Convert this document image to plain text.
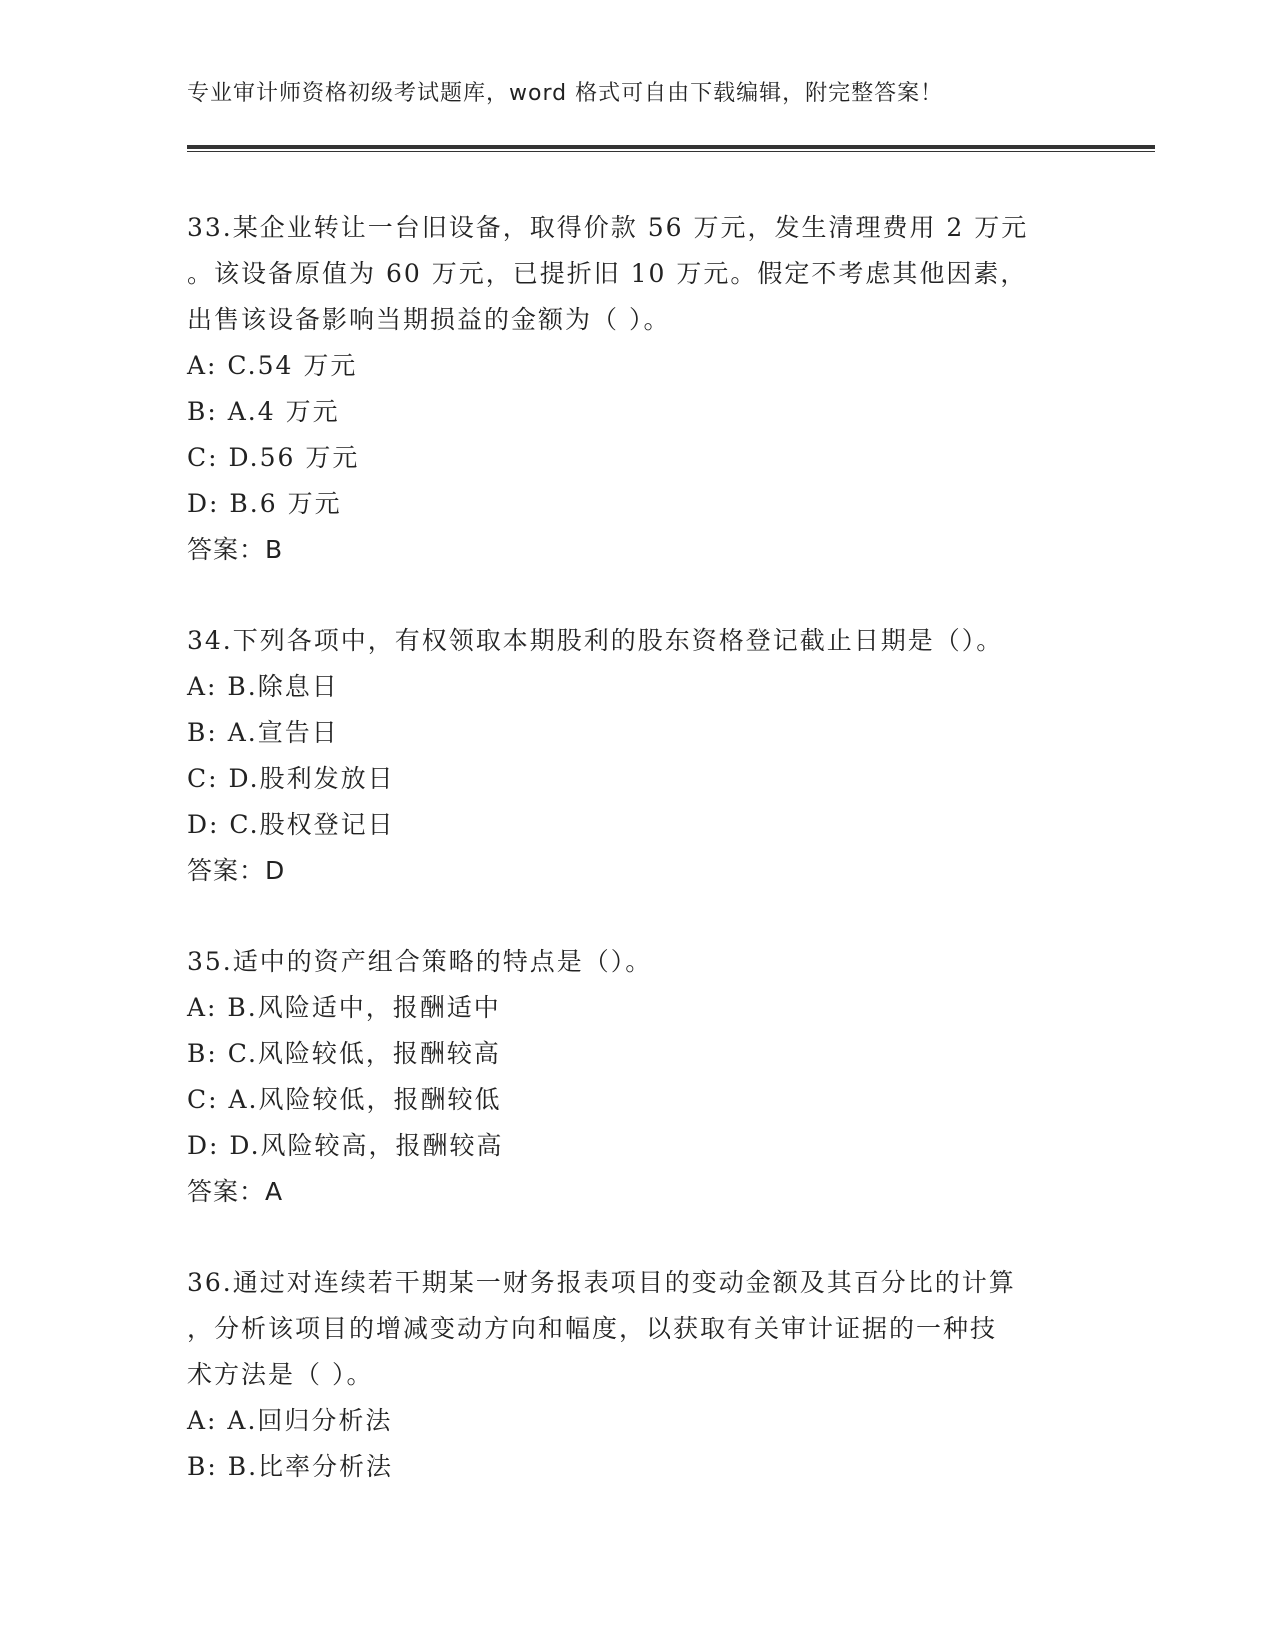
专业审计师资格初级考试题库，word 格式可自由下载编辑，附完整答案！
33.某企业转让一台旧设备，取得价款 56 万元，发生清理费用 2 万元
。该设备原值为 60 万元，已提折旧 10 万元。假定不考虑其他因素，
出售该设备影响当期损益的金额为（ ）。
A: C.54 万元
B: A.4 万元
C: D.56 万元
D: B.6 万元
答案：B
34.下列各项中，有权领取本期股利的股东资格登记截止日期是（）。
A: B.除息日
B: A.宣告日
C: D.股利发放日
D: C.股权登记日
答案：D
35.适中的资产组合策略的特点是（）。
A: B.风险适中，报酬适中
B: C.风险较低，报酬较高
C: A.风险较低，报酬较低
D: D.风险较高，报酬较高
答案：A
36.通过对连续若干期某一财务报表项目的变动金额及其百分比的计算
，分析该项目的增减变动方向和幅度，以获取有关审计证据的一种技
术方法是（ ）。
A: A.回归分析法
B: B.比率分析法
